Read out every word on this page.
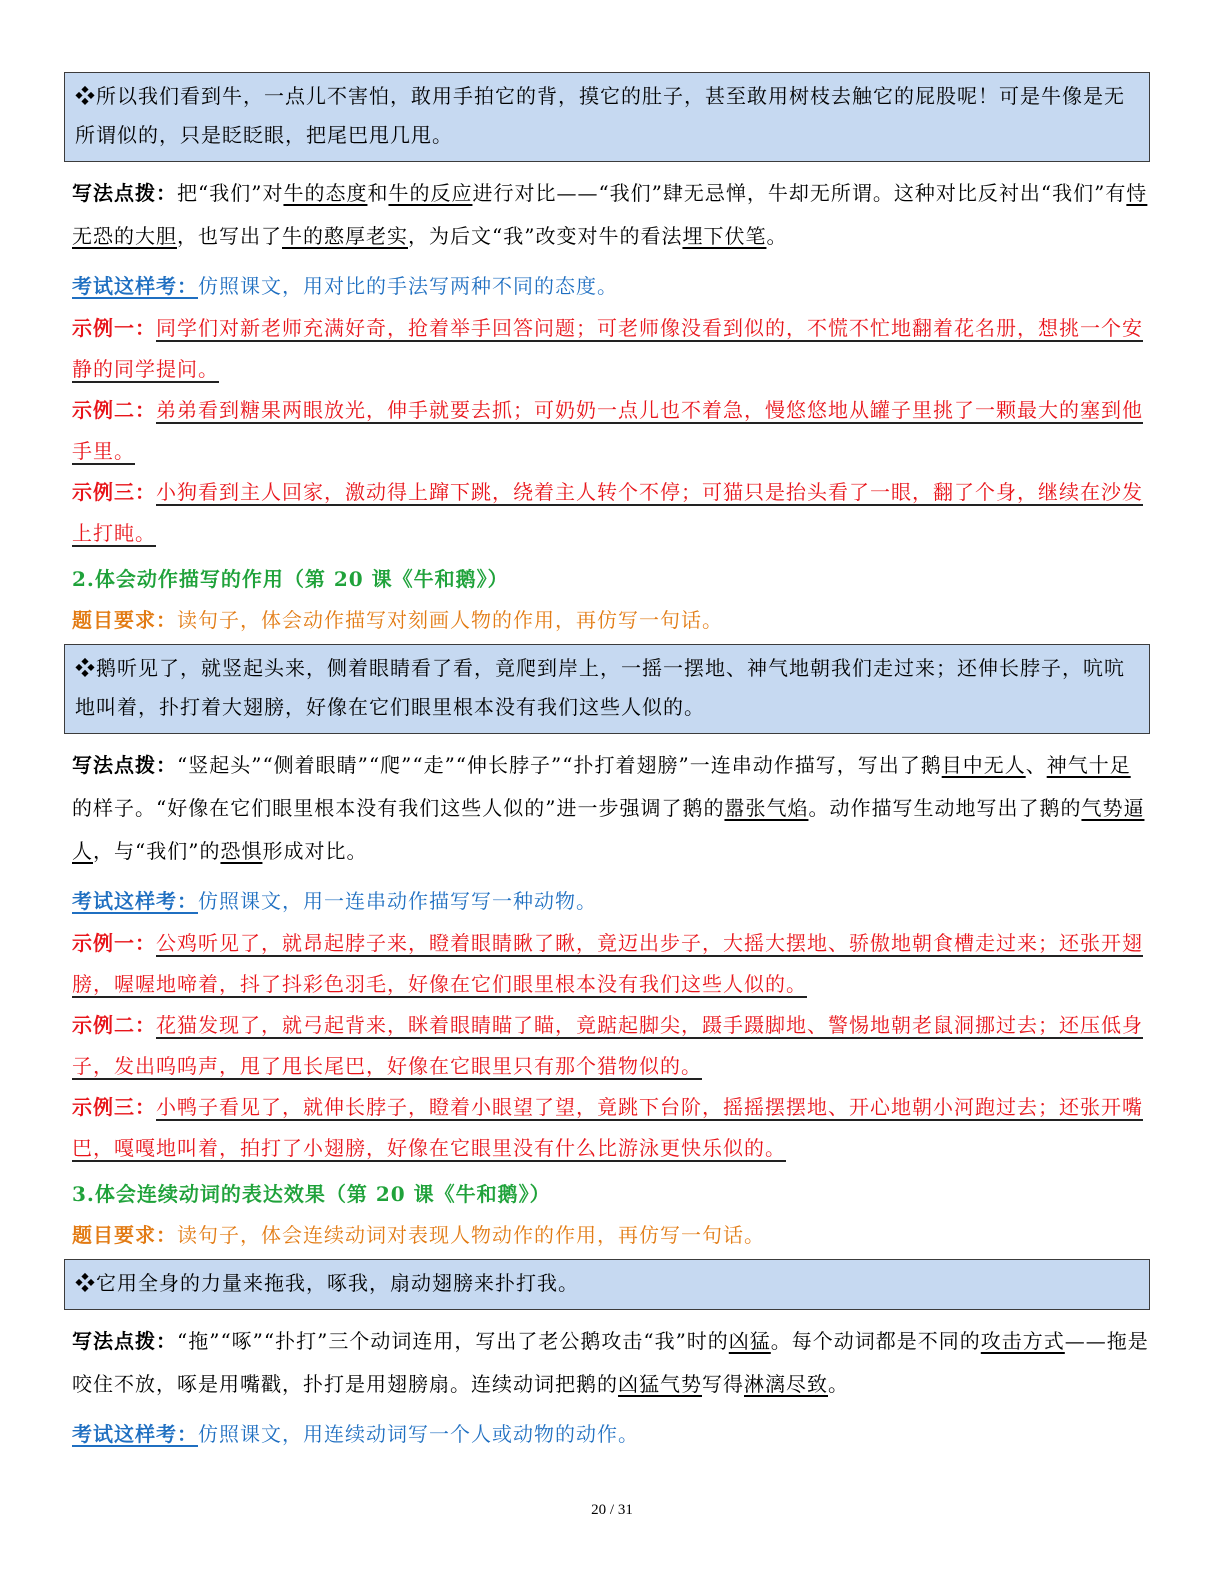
❖所以我们看到牛，一点儿不害怕，敢用手拍它的背，摸它的肚子，甚至敢用树枝去触它的屁股呢！可是牛像是无所谓似的，只是眨眨眼，把尾巴甩几甩。
写法点拨：把“我们”对牛的态度和牛的反应进行对比——“我们”肆无忌惮，牛却无所谓。这种对比反衬出“我们”有恃无恐的大胆，也写出了牛的憨厚老实，为后文“我”改变对牛的看法埋下伏笔。
考试这样考：仿照课文，用对比的手法写两种不同的态度。
示例一：同学们对新老师充满好奇，抢着举手回答问题；可老师像没看到似的，不慌不忙地翻着花名册，想挑一个安静的同学提问。
示例二：弟弟看到糖果两眼放光，伸手就要去抓；可奶奶一点儿也不着急，慢悠悠地从罐子里挑了一颗最大的塞到他手里。
示例三：小狗看到主人回家，激动得上蹿下跳，绕着主人转个不停；可猫只是抬头看了一眼，翻了个身，继续在沙发上打盹。
2.体会动作描写的作用（第 20 课《牛和鹅》）
题目要求：读句子，体会动作描写对刻画人物的作用，再仿写一句话。
❖鹅听见了，就竖起头来，侧着眼睛看了看，竟爬到岸上，一摇一摆地、神气地朝我们走过来；还伸长脖子，吭吭地叫着，扑打着大翅膀，好像在它们眼里根本没有我们这些人似的。
写法点拨：“竖起头”“侧着眼睛”“爬”“走”“伸长脖子”“扑打着翅膀”一连串动作描写，写出了鹅目中无人、神气十足的样子。“好像在它们眼里根本没有我们这些人似的”进一步强调了鹅的嚣张气焰。动作描写生动地写出了鹅的气势逼人，与“我们”的恐惧形成对比。
考试这样考：仿照课文，用一连串动作描写写一种动物。
示例一：公鸡听见了，就昂起脖子来，瞪着眼睛瞅了瞅，竟迈出步子，大摇大摆地、骄傲地朝食槽走过来；还张开翅膀，喔喔地啼着，抖了抖彩色羽毛，好像在它们眼里根本没有我们这些人似的。
示例二：花猫发现了，就弓起背来，眯着眼睛瞄了瞄，竟踮起脚尖，蹑手蹑脚地、警惕地朝老鼠洞挪过去；还压低身子，发出呜呜声，甩了甩长尾巴，好像在它眼里只有那个猎物似的。
示例三：小鸭子看见了，就伸长脖子，瞪着小眼望了望，竟跳下台阶，摇摇摆摆地、开心地朝小河跑过去；还张开嘴巴，嘎嘎地叫着，拍打了小翅膀，好像在它眼里没有什么比游泳更快乐似的。
3.体会连续动词的表达效果（第 20 课《牛和鹅》）
题目要求：读句子，体会连续动词对表现人物动作的作用，再仿写一句话。
❖它用全身的力量来拖我，啄我，扇动翅膀来扑打我。
写法点拨：“拖”“啄”“扑打”三个动词连用，写出了老公鹅攻击“我”时的凶猛。每个动词都是不同的攻击方式——拖是咬住不放，啄是用嘴戳，扑打是用翅膀扇。连续动词把鹅的凶猛气势写得淋漓尽致。
考试这样考：仿照课文，用连续动词写一个人或动物的动作。
20 / 31
